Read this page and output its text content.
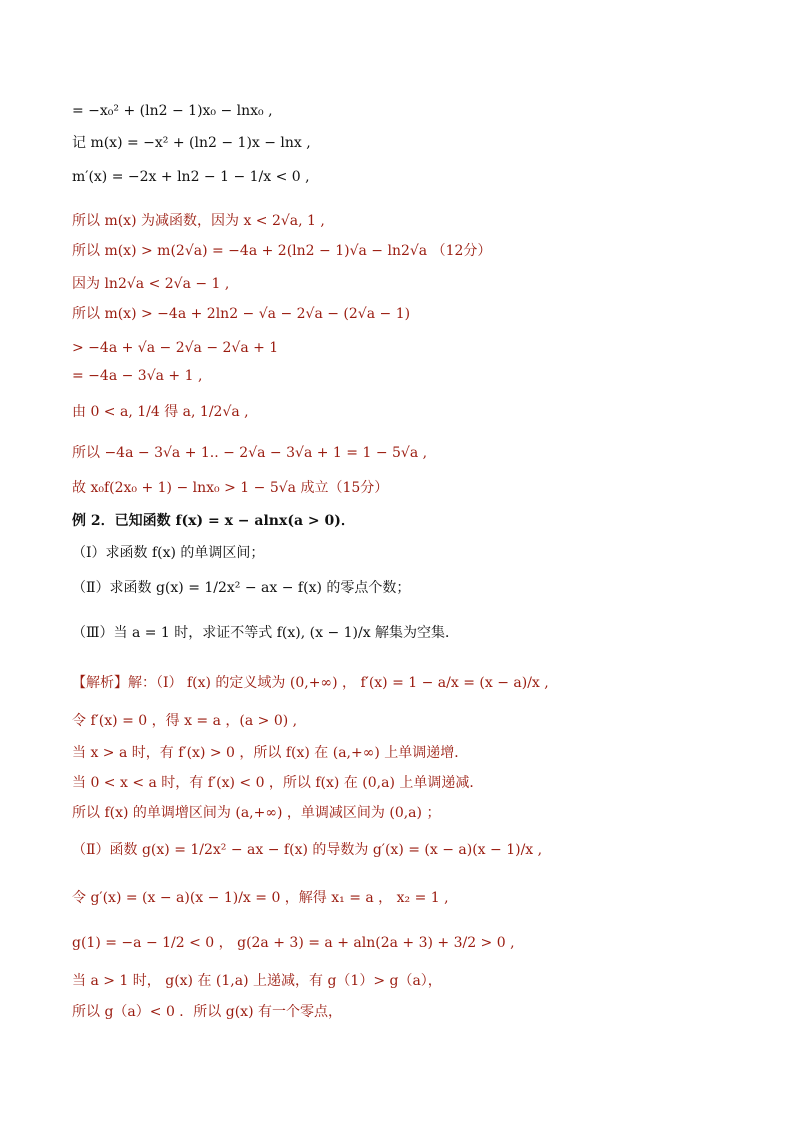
= −x₀² + (ln2 − 1)x₀ − lnx₀ ,
记 m(x) = −x² + (ln2 − 1)x − lnx ,
m′(x) = −2x + ln2 − 1 − 1/x < 0 ,
所以 m(x) 为减函数，因为 x < 2√a, 1 ,
所以 m(x) > m(2√a) = −4a + 2(ln2 − 1)√a − ln2√a （12分）
因为 ln2√a < 2√a − 1 ,
所以 m(x) > −4a + 2ln2 − √a − 2√a − (2√a − 1)
> −4a + √a − 2√a − 2√a + 1
= −4a − 3√a + 1 ,
由 0 < a, 1/4 得 a, 1/2√a ,
所以 −4a − 3√a + 1.. − 2√a − 3√a + 1 = 1 − 5√a ,
故 x₀f(2x₀ + 1) − lnx₀ > 1 − 5√a 成立（15分）
例 2．已知函数 f(x) = x − alnx(a > 0)．
（Ⅰ）求函数 f(x) 的单调区间；
（Ⅱ）求函数 g(x) = 1/2x² − ax − f(x) 的零点个数；
（Ⅲ）当 a = 1 时，求证不等式 f(x), (x − 1)/x 解集为空集．
【解析】解：（Ⅰ） f(x) 的定义域为 (0,+∞) ， f′(x) = 1 − a/x = (x − a)/x ,
令 f′(x) = 0 ，得 x = a ，(a > 0) ,
当 x > a 时，有 f′(x) > 0 ，所以 f(x) 在 (a,+∞) 上单调递增．
当 0 < x < a 时，有 f′(x) < 0 ，所以 f(x) 在 (0,a) 上单调递减．
所以 f(x) 的单调增区间为 (a,+∞) ，单调减区间为 (0,a) ；
（Ⅱ）函数 g(x) = 1/2x² − ax − f(x) 的导数为 g′(x) = (x − a)(x − 1)/x ,
令 g′(x) = (x − a)(x − 1)/x = 0 ，解得 x₁ = a ， x₂ = 1 ,
g(1) = −a − 1/2 < 0 ， g(2a + 3) = a + aln(2a + 3) + 3/2 > 0 ,
当 a > 1 时， g(x) 在 (1,a) 上递减，有 g（1）> g（a），
所以 g（a）< 0 ．所以 g(x) 有一个零点，
